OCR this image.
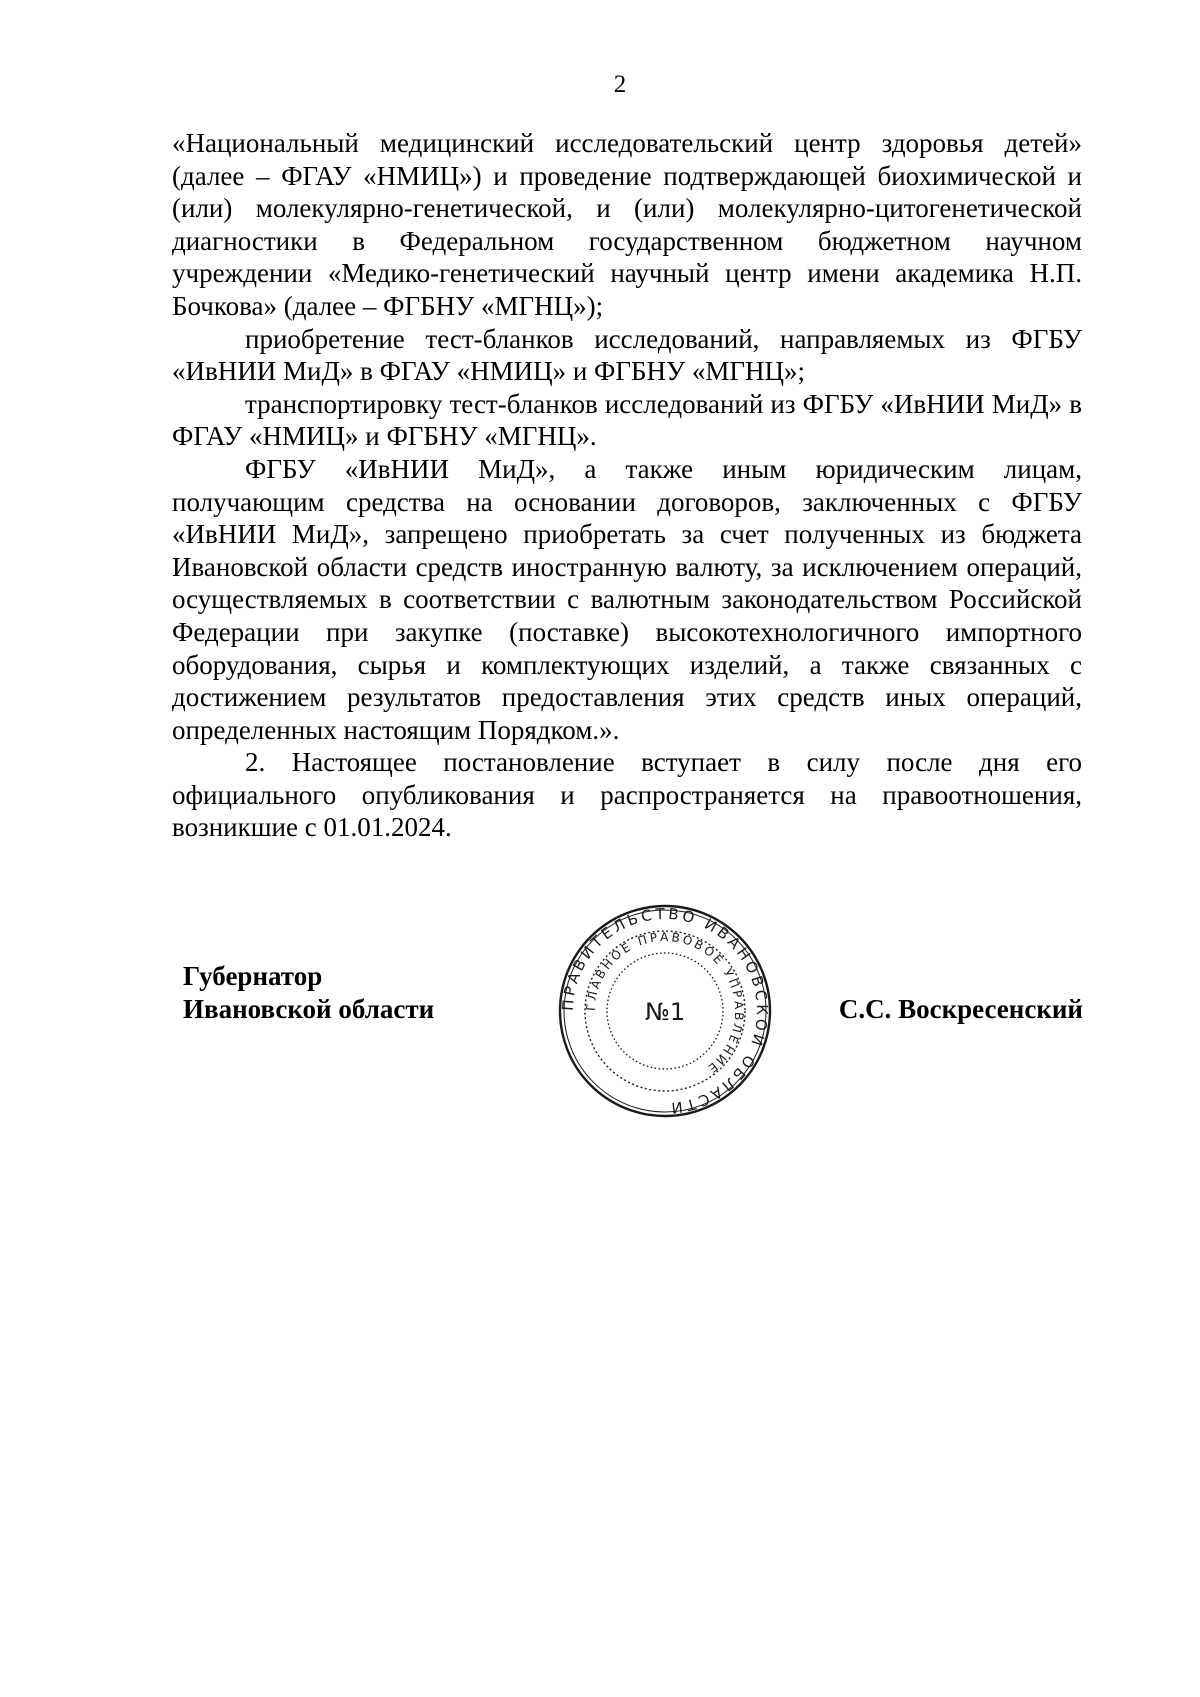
2

«Национальный медицинский исследовательский центр здоровья детей» (далее – ФГАУ «НМИЦ») и проведение подтверждающей биохимической и (или) молекулярно-генетической, и (или) молекулярно-цитогенетической диагностики в Федеральном государственном бюджетном научном учреждении «Медико-генетический научный центр имени академика Н.П. Бочкова» (далее – ФГБНУ «МГНЦ»);

приобретение тест-бланков исследований, направляемых из ФГБУ «ИвНИИ МиД» в ФГАУ «НМИЦ» и ФГБНУ «МГНЦ»;

транспортировку тест-бланков исследований из ФГБУ «ИвНИИ МиД» в ФГАУ «НМИЦ» и ФГБНУ «МГНЦ».

ФГБУ «ИвНИИ МиД», а также иным юридическим лицам, получающим средства на основании договоров, заключенных с ФГБУ «ИвНИИ МиД», запрещено приобретать за счет полученных из бюджета Ивановской области средств иностранную валюту, за исключением операций, осуществляемых в соответствии с валютным законодательством Российской Федерации при закупке (поставке) высокотехнологичного импортного оборудования, сырья и комплектующих изделий, а также связанных с достижением результатов предоставления этих средств иных операций, определенных настоящим Порядком.».

2. Настоящее постановление вступает в силу после дня его официального опубликования и распространяется на правоотношения, возникшие с 01.01.2024.

Губернатор
Ивановской области	ПРАВИТЕЛЬСТВО ИВАНОВСКОЙ ОБЛАСТИ
ГЛАВНОЕ ПРАВОВОЕ УПРАВЛЕНИЕ
№1	С.С. Воскресенский
